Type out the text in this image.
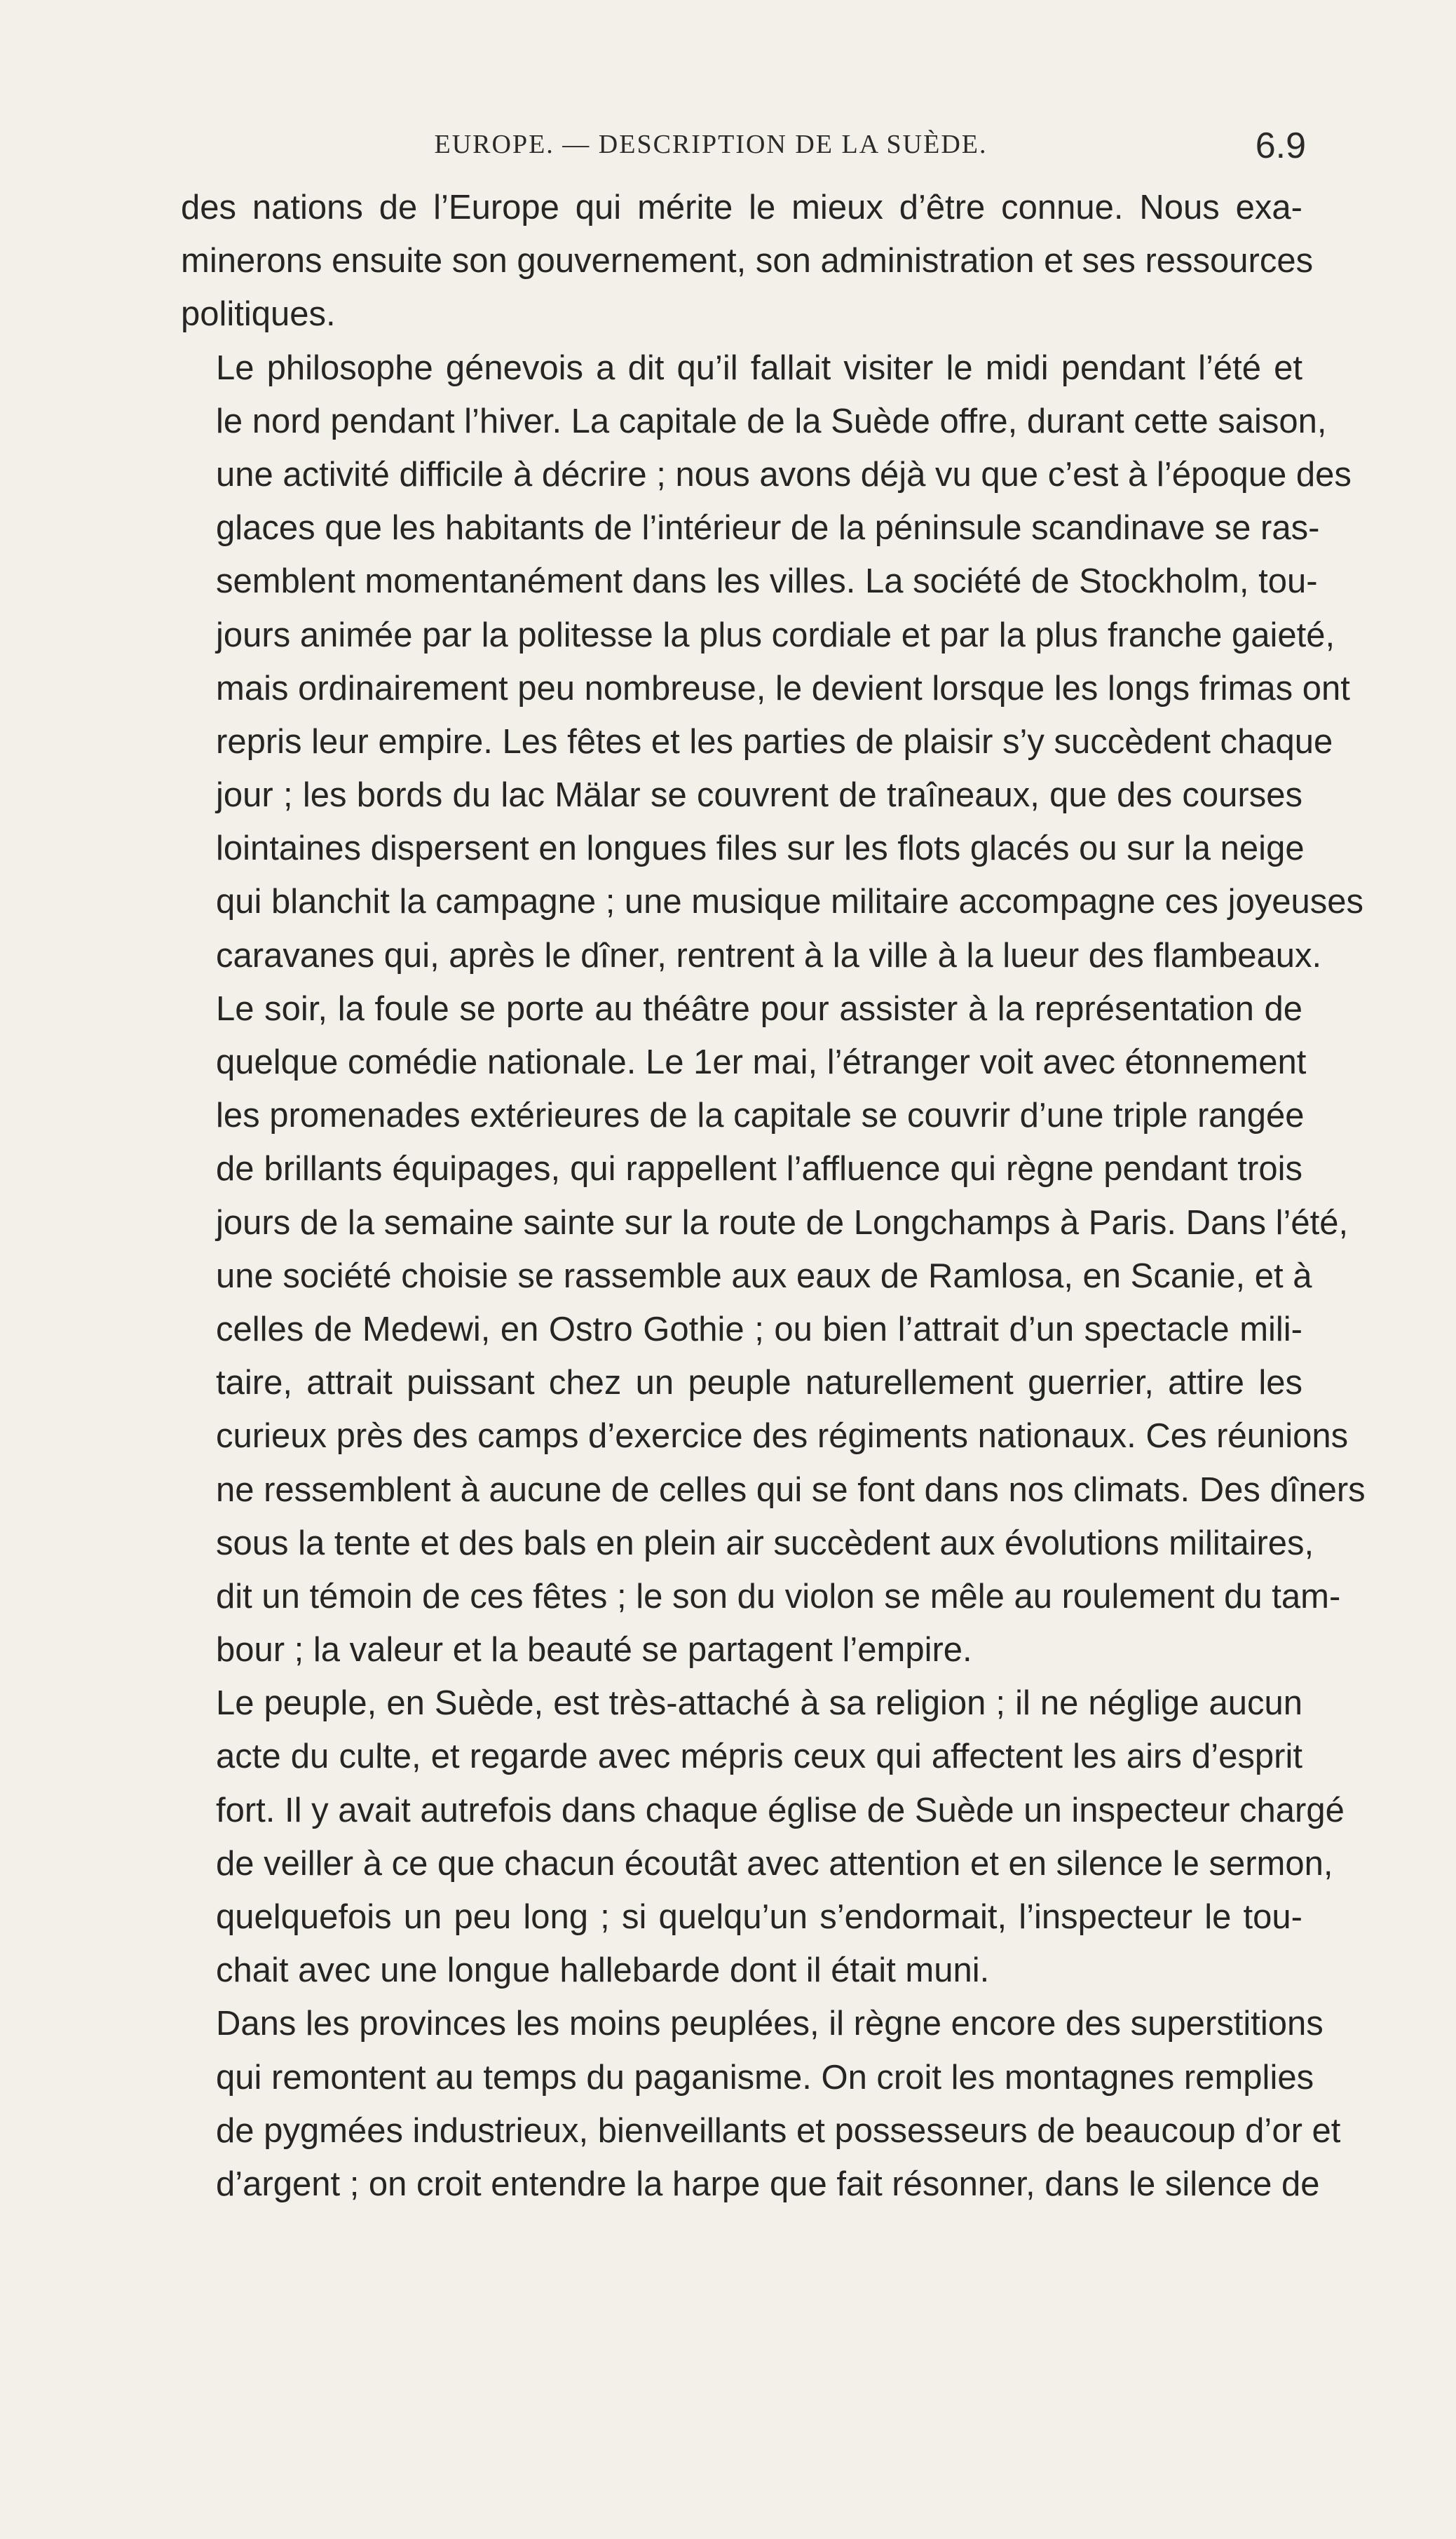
EUROPE. — DESCRIPTION DE LA SUÈDE.	6.9
des nations de l’Europe qui mérite le mieux d’être connue. Nous exa-
minerons ensuite son gouvernement, son administration et ses ressources
politiques.
Le philosophe génevois a dit qu’il fallait visiter le midi pendant l’été et
le nord pendant l’hiver. La capitale de la Suède offre, durant cette saison,
une activité difficile à décrire ; nous avons déjà vu que c’est à l’époque des
glaces que les habitants de l’intérieur de la péninsule scandinave se ras-
semblent momentanément dans les villes. La société de Stockholm, tou-
jours animée par la politesse la plus cordiale et par la plus franche gaieté,
mais ordinairement peu nombreuse, le devient lorsque les longs frimas ont
repris leur empire. Les fêtes et les parties de plaisir s’y succèdent chaque
jour ; les bords du lac Mälar se couvrent de traîneaux, que des courses
lointaines dispersent en longues files sur les flots glacés ou sur la neige
qui blanchit la campagne ; une musique militaire accompagne ces joyeuses
caravanes qui, après le dîner, rentrent à la ville à la lueur des flambeaux.
Le soir, la foule se porte au théâtre pour assister à la représentation de
quelque comédie nationale. Le 1er mai, l’étranger voit avec étonnement
les promenades extérieures de la capitale se couvrir d’une triple rangée
de brillants équipages, qui rappellent l’affluence qui règne pendant trois
jours de la semaine sainte sur la route de Longchamps à Paris. Dans l’été,
une société choisie se rassemble aux eaux de Ramlosa, en Scanie, et à
celles de Medewi, en Ostro Gothie ; ou bien l’attrait d’un spectacle mili-
taire, attrait puissant chez un peuple naturellement guerrier, attire les
curieux près des camps d’exercice des régiments nationaux. Ces réunions
ne ressemblent à aucune de celles qui se font dans nos climats. Des dîners
sous la tente et des bals en plein air succèdent aux évolutions militaires,
dit un témoin de ces fêtes ; le son du violon se mêle au roulement du tam-
bour ; la valeur et la beauté se partagent l’empire.
Le peuple, en Suède, est très-attaché à sa religion ; il ne néglige aucun
acte du culte, et regarde avec mépris ceux qui affectent les airs d’esprit
fort. Il y avait autrefois dans chaque église de Suède un inspecteur chargé
de veiller à ce que chacun écoutât avec attention et en silence le sermon,
quelquefois un peu long ; si quelqu’un s’endormait, l’inspecteur le tou-
chait avec une longue hallebarde dont il était muni.
Dans les provinces les moins peuplées, il règne encore des superstitions
qui remontent au temps du paganisme. On croit les montagnes remplies
de pygmées industrieux, bienveillants et possesseurs de beaucoup d’or et
d’argent ; on croit entendre la harpe que fait résonner, dans le silence de
